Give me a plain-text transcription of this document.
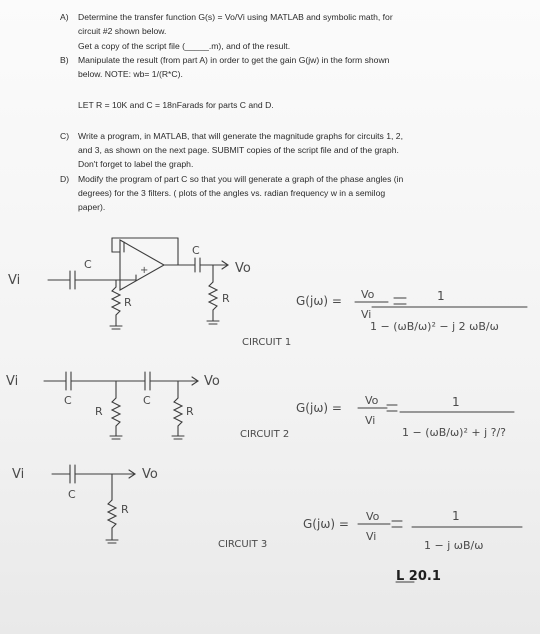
A) Determine the transfer function G(s) = Vo/Vi using MATLAB and symbolic math, for
circuit #2 shown below.
Get a copy of the script file (_____.m), and of the result.
B) Manipulate the result (from part A) in order to get the gain G(jw) in the form shown
below. NOTE: wb= 1/(R*C).
LET R = 10K and C = 18nFarads for parts C and D.
C) Write a program, in MATLAB, that will generate the magnitude graphs for circuits 1, 2,
and 3, as shown on the next page. SUBMIT copies of the script file and of the graph.
Don't forget to label the graph.
D) Modify the program of part C so that you will generate a graph of the phase angles (in
degrees) for the 3 filters. ( plots of the angles vs. radian frequency w in a semilog
paper).
Vi
C	+
C
Vo
R	R
CIRCUIT 1
Vi
C	C
Vo
R	R
CIRCUIT 2
Vi
C
Vo
R
CIRCUIT 3
G(jω) = Vo
Vi
1
1 − (ωB/ω)² − j 2 ωB/ω
G(jω) =
Vo
Vi
1
1 − (ωB/ω)² + j ?/?
G(jω) =
Vo
Vi
1
1 − j ωB/ω
L 20.1
